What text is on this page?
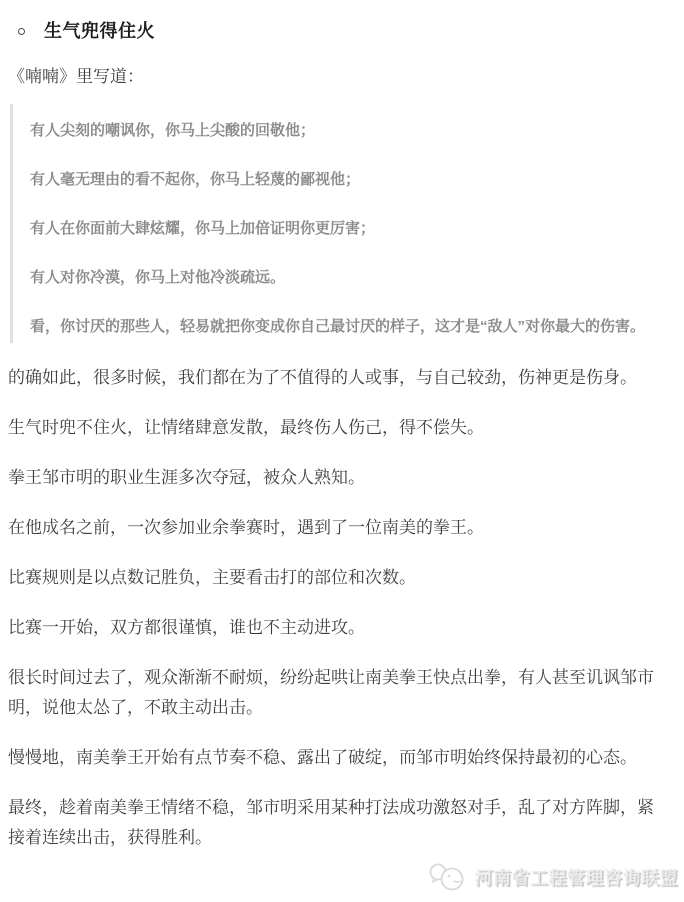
生气兜得住火

《喃喃》里写道：

有人尖刻的嘲讽你，你马上尖酸的回敬他；

有人毫无理由的看不起你，你马上轻蔑的鄙视他；

有人在你面前大肆炫耀，你马上加倍证明你更厉害；

有人对你冷漠，你马上对他冷淡疏远。

看，你讨厌的那些人，轻易就把你变成你自己最讨厌的样子，这才是“敌人”对你最大的伤害。

的确如此，很多时候，我们都在为了不值得的人或事，与自己较劲，伤神更是伤身。

生气时兜不住火，让情绪肆意发散，最终伤人伤己，得不偿失。

拳王邹市明的职业生涯多次夺冠，被众人熟知。

在他成名之前，一次参加业余拳赛时，遇到了一位南美的拳王。

比赛规则是以点数记胜负，主要看击打的部位和次数。

比赛一开始，双方都很谨慎，谁也不主动进攻。

很长时间过去了，观众渐渐不耐烦，纷纷起哄让南美拳王快点出拳，有人甚至讥讽邹市明，说他太怂了，不敢主动出击。

慢慢地，南美拳王开始有点节奏不稳、露出了破绽，而邹市明始终保持最初的心态。

最终，趁着南美拳王情绪不稳，邹市明采用某种打法成功激怒对手，乱了对方阵脚，紧接着连续出击，获得胜利。

河南省工程管理咨询联盟
